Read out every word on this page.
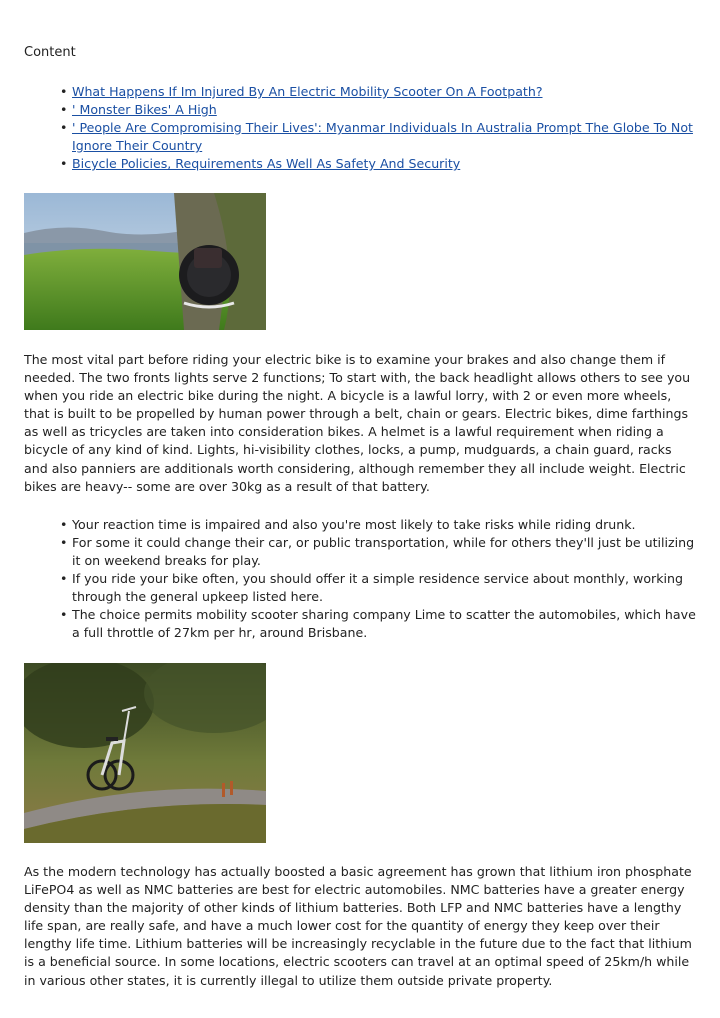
Content
• What Happens If Im Injured By An Electric Mobility Scooter On A Footpath?
• ' Monster Bikes' A High
• ' People Are Compromising Their Lives': Myanmar Individuals In Australia Prompt The Globe To Not Ignore Their Country
• Bicycle Policies, Requirements As Well As Safety And Security

The most vital part before riding your electric bike is to examine your brakes and also change them if needed. The two fronts lights serve 2 functions; To start with, the back headlight allows others to see you when you ride an electric bike during the night. A bicycle is a lawful lorry, with 2 or even more wheels, that is built to be propelled by human power through a belt, chain or gears. Electric bikes, dime farthings as well as tricycles are taken into consideration bikes. A helmet is a lawful requirement when riding a bicycle of any kind of kind. Lights, hi-visibility clothes, locks, a pump, mudguards, a chain guard, racks and also panniers are additionals worth considering, although remember they all include weight. Electric bikes are heavy-- some are over 30kg as a result of that battery.

• Your reaction time is impaired and also you're most likely to take risks while riding drunk.
• For some it could change their car, or public transportation, while for others they'll just be utilizing it on weekend breaks for play.
• If you ride your bike often, you should offer it a simple residence service about monthly, working through the general upkeep listed here.
• The choice permits mobility scooter sharing company Lime to scatter the automobiles, which have a full throttle of 27km per hr, around Brisbane.

As the modern technology has actually boosted a basic agreement has grown that lithium iron phosphate LiFePO4 as well as NMC batteries are best for electric automobiles. NMC batteries have a greater energy density than the majority of other kinds of lithium batteries. Both LFP and NMC batteries have a lengthy life span, are really safe, and have a much lower cost for the quantity of energy they keep over their lengthy life time. Lithium batteries will be increasingly recyclable in the future due to the fact that lithium is a beneficial source. In some locations, electric scooters can travel at an optimal speed of 25km/h while in various other states, it is currently illegal to utilize them outside private property.
